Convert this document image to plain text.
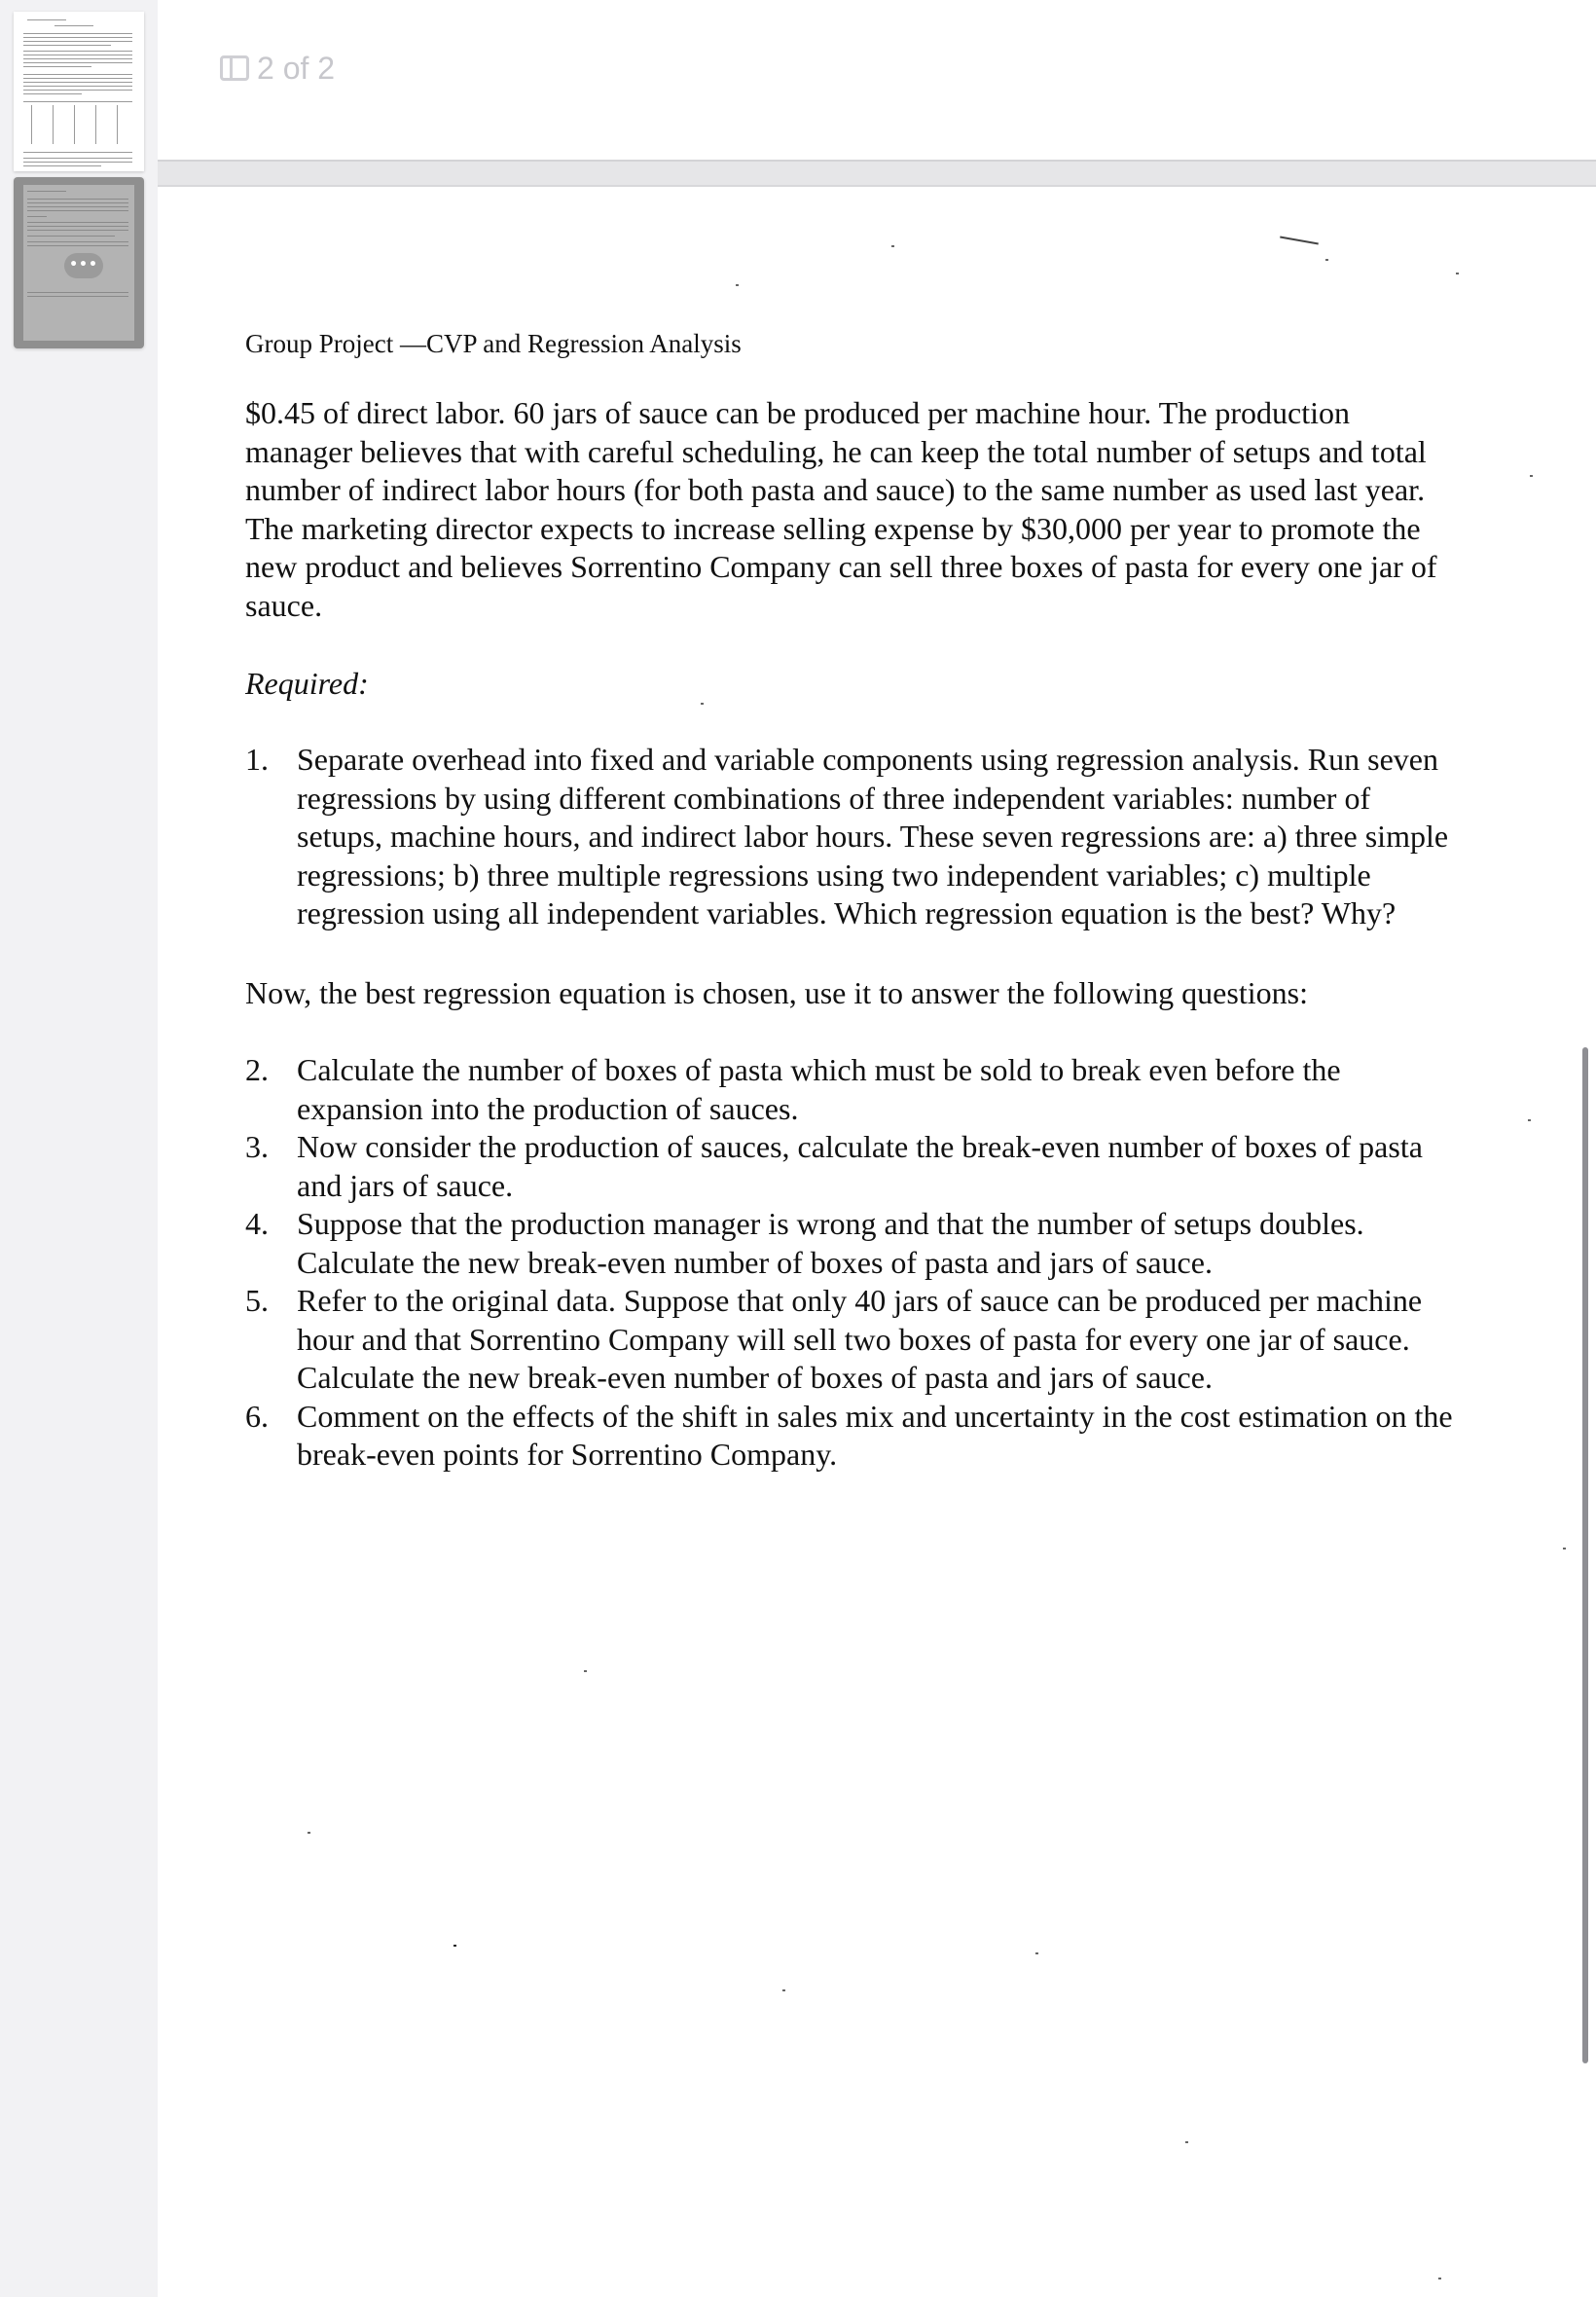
•••
2 of 2
Group Project —CVP and Regression Analysis

$0.45 of direct labor. 60 jars of sauce can be produced per machine hour. The production manager believes that with careful scheduling, he can keep the total number of setups and total number of indirect labor hours (for both pasta and sauce) to the same number as used last year. The marketing director expects to increase selling expense by $30,000 per year to promote the new product and believes Sorrentino Company can sell three boxes of pasta for every one jar of sauce.

Required:
1. Separate overhead into fixed and variable components using regression analysis. Run seven regressions by using different combinations of three independent variables: number of setups, machine hours, and indirect labor hours. These seven regressions are: a) three simple regressions; b) three multiple regressions using two independent variables; c) multiple regression using all independent variables. Which regression equation is the best? Why?

Now, the best regression equation is chosen, use it to answer the following questions:

2. Calculate the number of boxes of pasta which must be sold to break even before the expansion into the production of sauces.
3. Now consider the production of sauces, calculate the break-even number of boxes of pasta and jars of sauce.
4. Suppose that the production manager is wrong and that the number of setups doubles. Calculate the new break-even number of boxes of pasta and jars of sauce.
5. Refer to the original data. Suppose that only 40 jars of sauce can be produced per machine hour and that Sorrentino Company will sell two boxes of pasta for every one jar of sauce. Calculate the new break-even number of boxes of pasta and jars of sauce.
6. Comment on the effects of the shift in sales mix and uncertainty in the cost estimation on the break-even points for Sorrentino Company.
